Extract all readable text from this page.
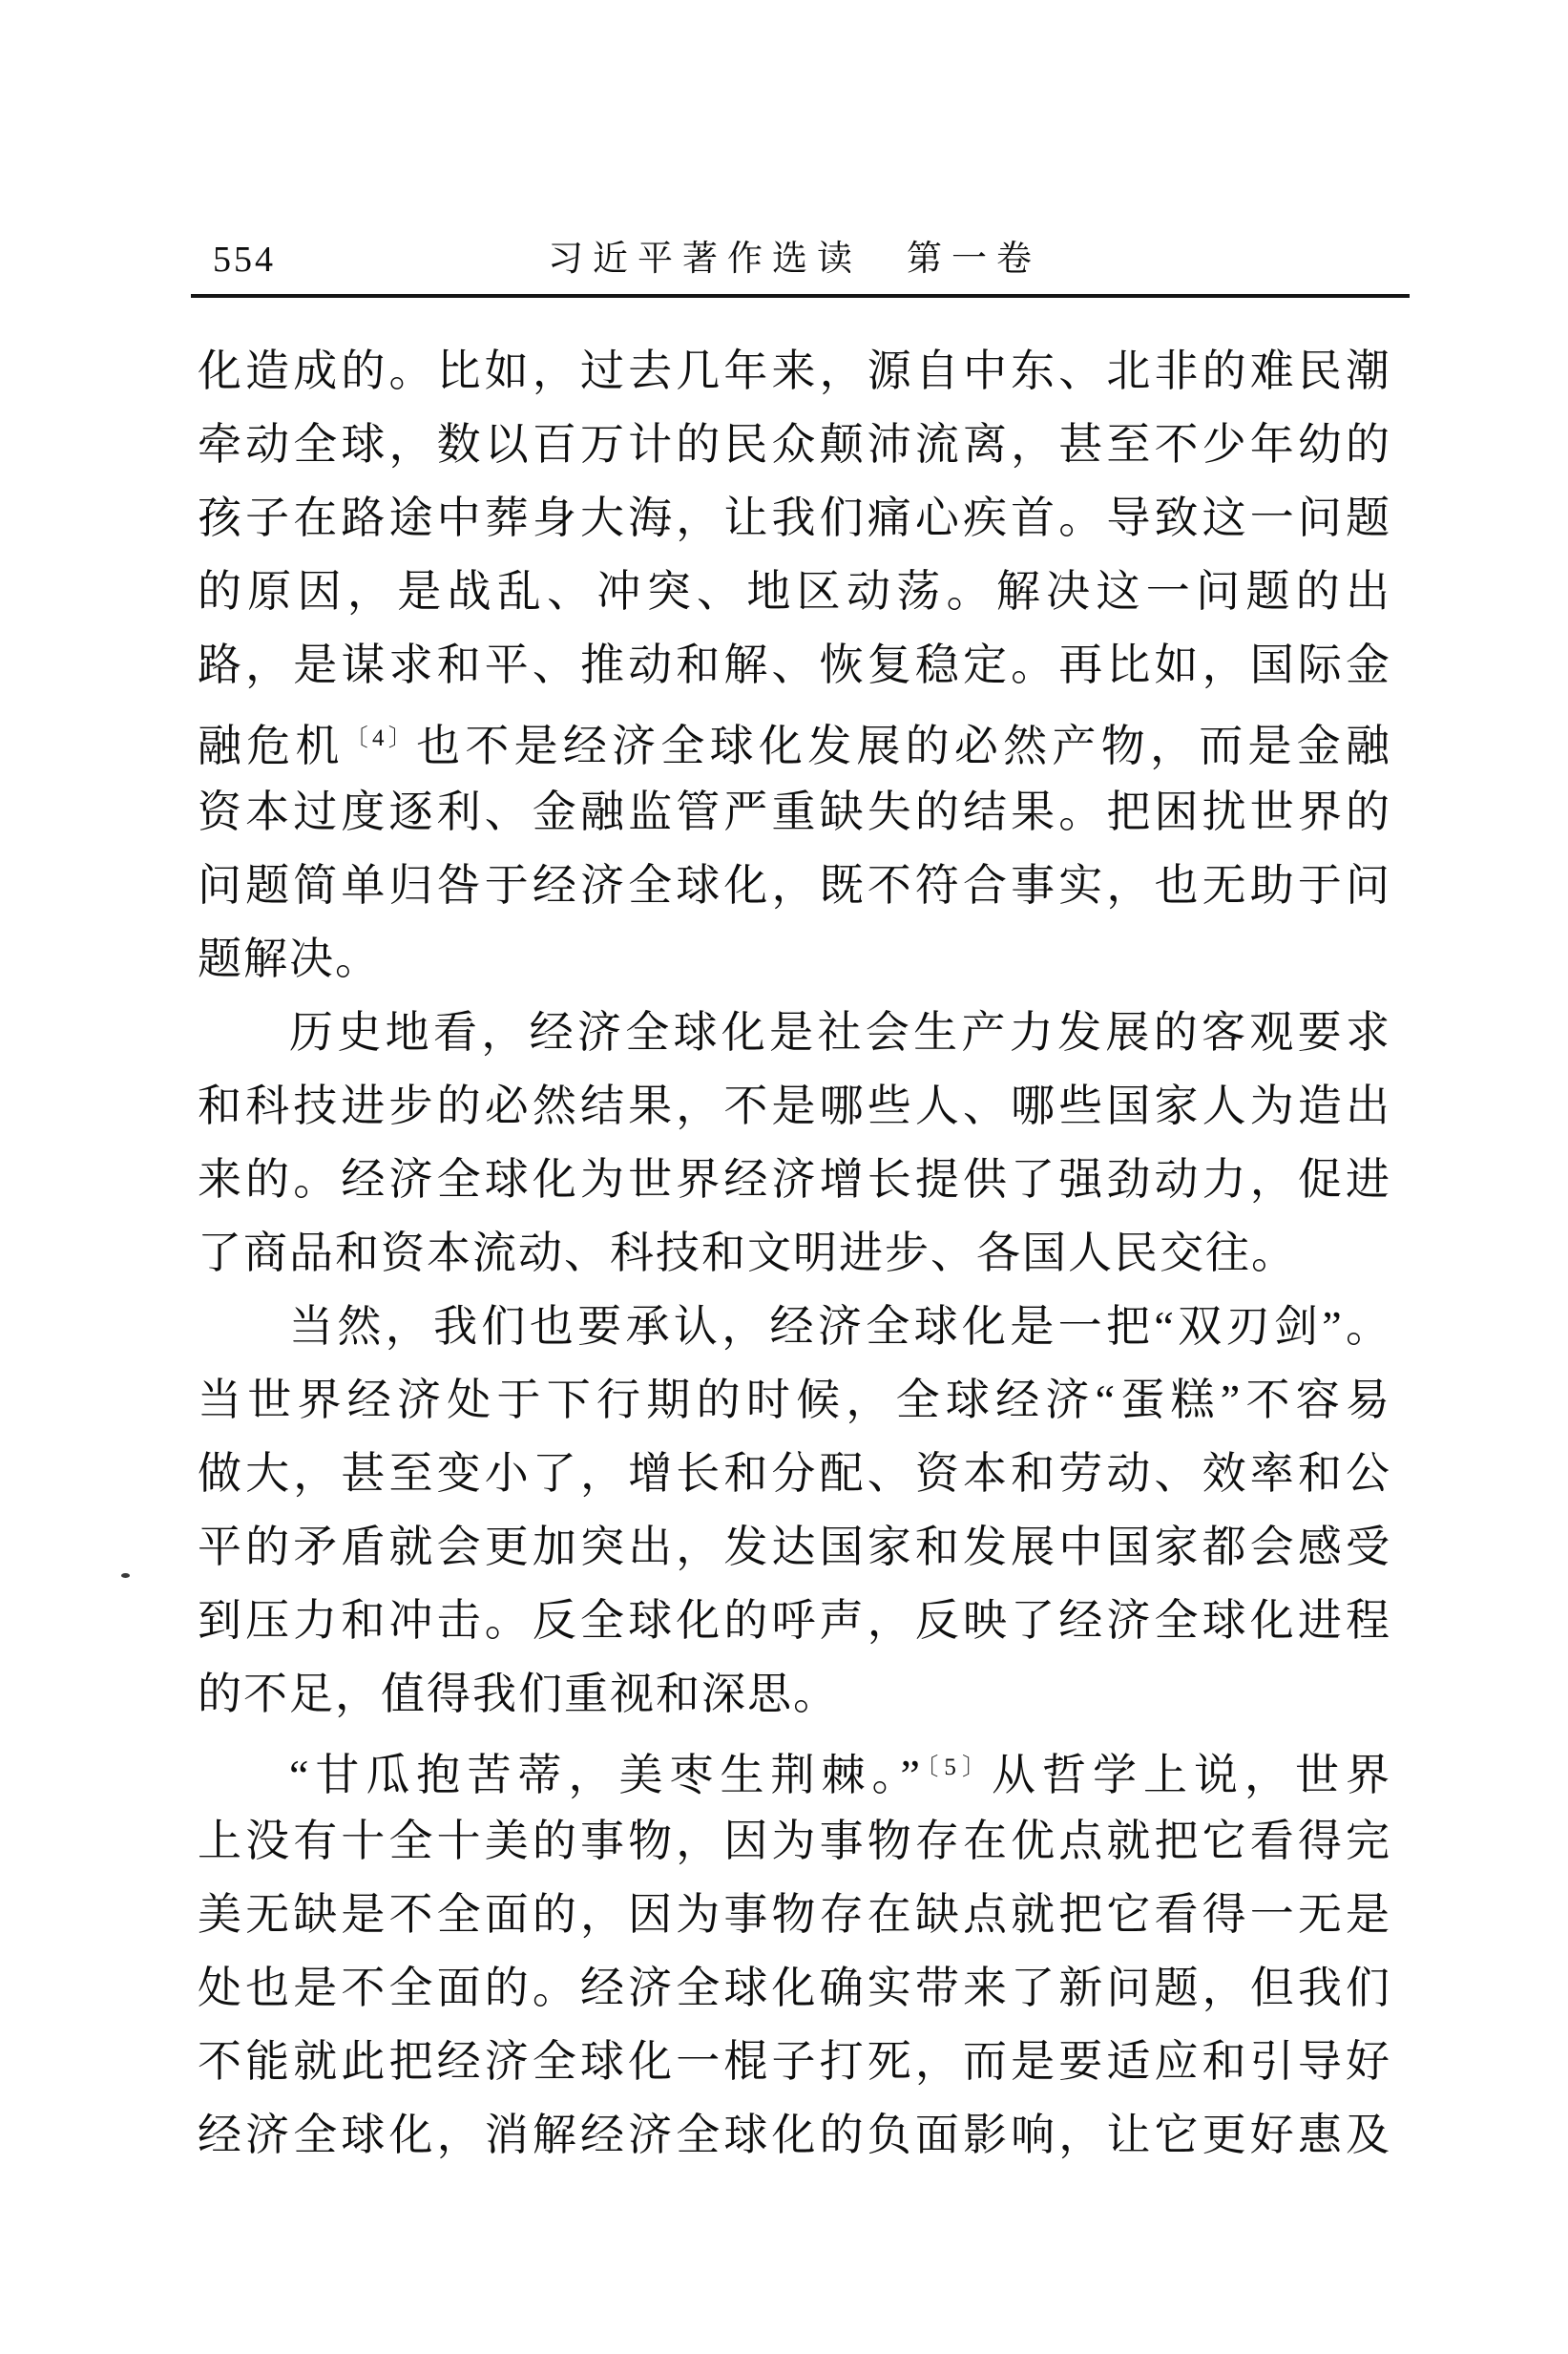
554	习近平著作选读　第一卷
化造成的。比如，过去几年来，源自中东、北非的难民潮
牵动全球，数以百万计的民众颠沛流离，甚至不少年幼的
孩子在路途中葬身大海，让我们痛心疾首。导致这一问题
的原因，是战乱、冲突、地区动荡。解决这一问题的出
路，是谋求和平、推动和解、恢复稳定。再比如，国际金
融危机$^{〔4〕}$也不是经济全球化发展的必然产物，而是金融
资本过度逐利、金融监管严重缺失的结果。把困扰世界的
问题简单归咎于经济全球化，既不符合事实，也无助于问
题解决。
历史地看，经济全球化是社会生产力发展的客观要求
和科技进步的必然结果，不是哪些人、哪些国家人为造出
来的。经济全球化为世界经济增长提供了强劲动力，促进
了商品和资本流动、科技和文明进步、各国人民交往。
当然，我们也要承认，经济全球化是一把“双刃剑”。
当世界经济处于下行期的时候，全球经济“蛋糕”不容易
做大，甚至变小了，增长和分配、资本和劳动、效率和公
平的矛盾就会更加突出，发达国家和发展中国家都会感受
到压力和冲击。反全球化的呼声，反映了经济全球化进程
的不足，值得我们重视和深思。
“甘瓜抱苦蒂，美枣生荆棘。”$^{〔5〕}$从哲学上说，世界
上没有十全十美的事物，因为事物存在优点就把它看得完
美无缺是不全面的，因为事物存在缺点就把它看得一无是
处也是不全面的。经济全球化确实带来了新问题，但我们
不能就此把经济全球化一棍子打死，而是要适应和引导好
经济全球化，消解经济全球化的负面影响，让它更好惠及
